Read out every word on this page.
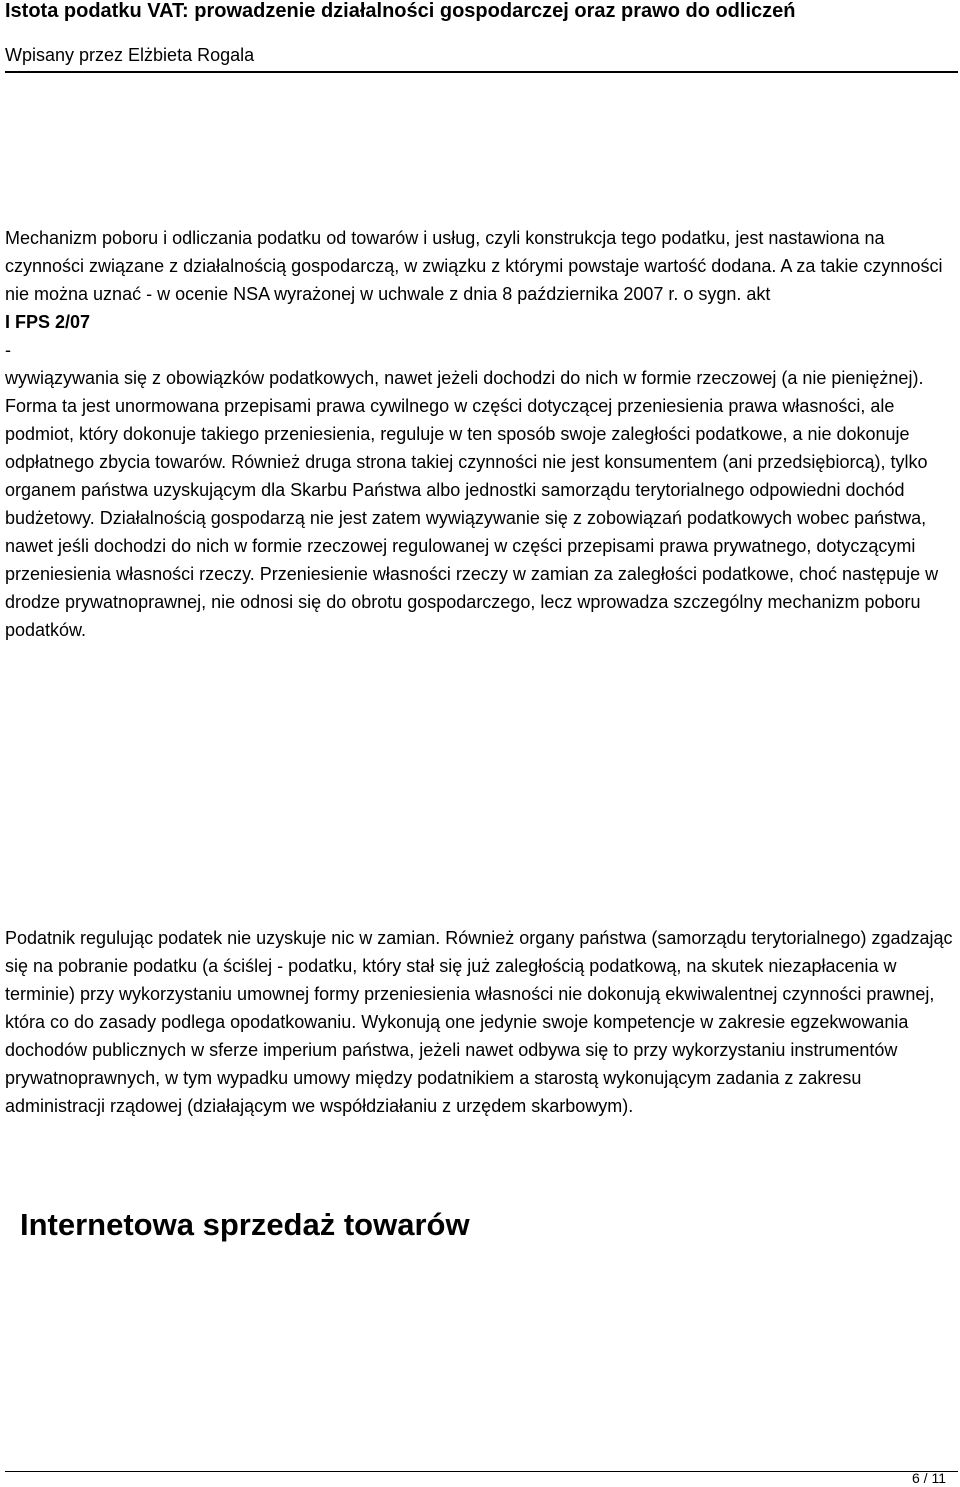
Istota podatku VAT: prowadzenie działalności gospodarczej oraz prawo do odliczeń
Wpisany przez Elżbieta Rogala
Mechanizm poboru i odliczania podatku od towarów i usług, czyli konstrukcja tego podatku, jest nastawiona na czynności związane z działalnością gospodarczą, w związku z którymi powstaje wartość dodana. A za takie czynności nie można uznać - w ocenie NSA wyrażonej w uchwale z dnia 8 października 2007 r. o sygn. akt
I FPS 2/07
-
wywiązywania się z obowiązków podatkowych, nawet jeżeli dochodzi do nich w formie rzeczowej (a nie pieniężnej). Forma ta jest unormowana przepisami prawa cywilnego w części dotyczącej przeniesienia prawa własności, ale podmiot, który dokonuje takiego przeniesienia, reguluje w ten sposób swoje zaległości podatkowe, a nie dokonuje odpłatnego zbycia towarów. Również druga strona takiej czynności nie jest konsumentem (ani przedsiębiorcą), tylko organem państwa uzyskującym dla Skarbu Państwa albo jednostki samorządu terytorialnego odpowiedni dochód budżetowy. Działalnością gospodarzą nie jest zatem wywiązywanie się z zobowiązań podatkowych wobec państwa, nawet jeśli dochodzi do nich w formie rzeczowej regulowanej w części przepisami prawa prywatnego, dotyczącymi przeniesienia własności rzeczy. Przeniesienie własności rzeczy w zamian za zaległości podatkowe, choć następuje w drodze prywatnoprawnej, nie odnosi się do obrotu gospodarczego, lecz wprowadza szczególny mechanizm poboru podatków.
Podatnik regulując podatek nie uzyskuje nic w zamian. Również organy państwa (samorządu terytorialnego) zgadzając się na pobranie podatku (a ściślej - podatku, który stał się już zaległością podatkową, na skutek niezapłacenia w terminie) przy wykorzystaniu umownej formy przeniesienia własności nie dokonują ekwiwalentnej czynności prawnej, która co do zasady podlega opodatkowaniu. Wykonują one jedynie swoje kompetencje w zakresie egzekwowania dochodów publicznych w sferze imperium państwa, jeżeli nawet odbywa się to przy wykorzystaniu instrumentów prywatnoprawnych, w tym wypadku umowy między podatnikiem a starostą wykonującym zadania z zakresu administracji rządowej (działającym we współdziałaniu z urzędem skarbowym).
Internetowa sprzedaż towarów
6 / 11
